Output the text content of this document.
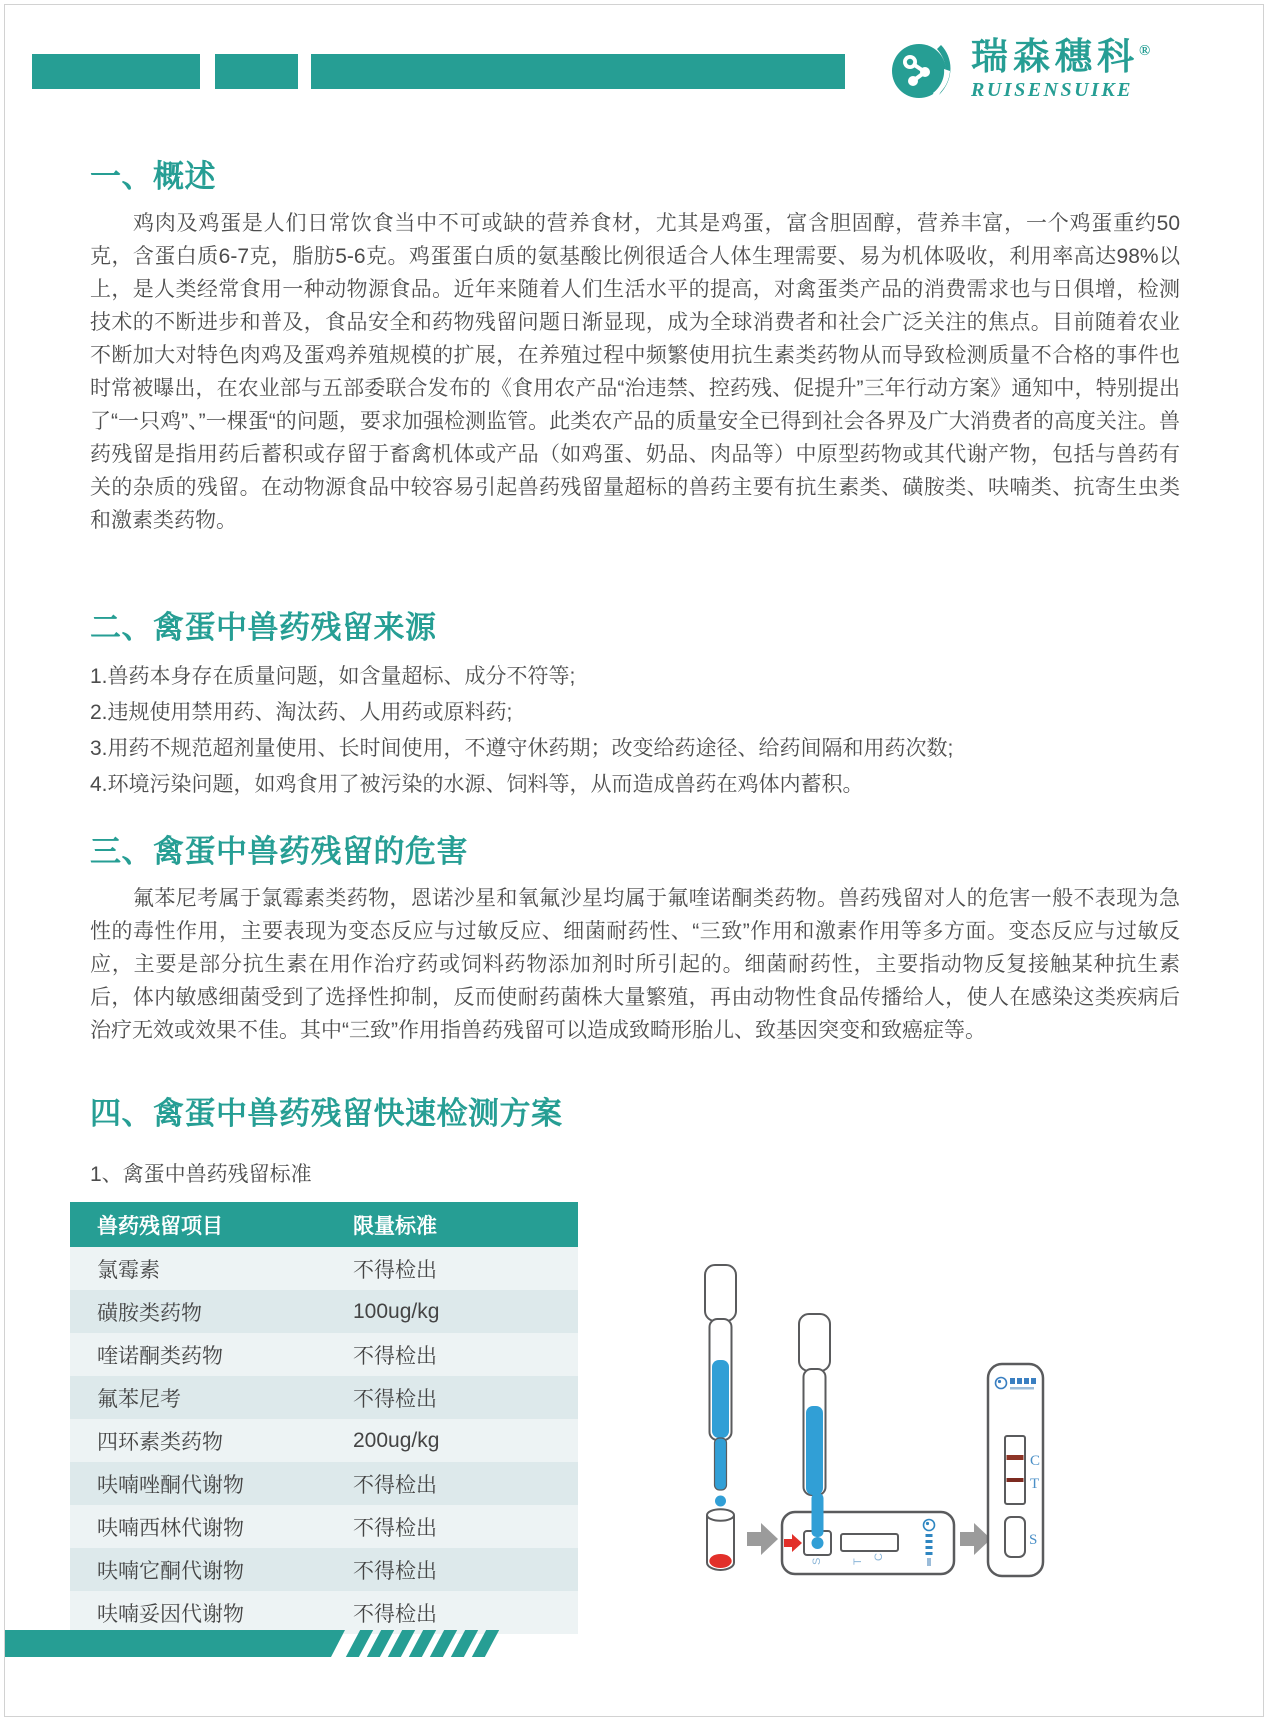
瑞森穗科®
RUISENSUIKE
一、概述

鸡肉及鸡蛋是人们日常饮食当中不可或缺的营养食材，尤其是鸡蛋，富含胆固醇，营养丰富，一个鸡蛋重约50克，含蛋白质6-7克，脂肪5-6克。鸡蛋蛋白质的氨基酸比例很适合人体生理需要、易为机体吸收，利用率高达98%以上，是人类经常食用一种动物源食品。近年来随着人们生活水平的提高，对禽蛋类产品的消费需求也与日俱增，检测技术的不断进步和普及，食品安全和药物残留问题日渐显现，成为全球消费者和社会广泛关注的焦点。目前随着农业不断加大对特色肉鸡及蛋鸡养殖规模的扩展，在养殖过程中频繁使用抗生素类药物从而导致检测质量不合格的事件也时常被曝出，在农业部与五部委联合发布的《食用农产品“治违禁、控药残、促提升”三年行动方案》通知中，特别提出了“一只鸡”、”一棵蛋“的问题，要求加强检测监管。此类农产品的质量安全已得到社会各界及广大消费者的高度关注。兽药残留是指用药后蓄积或存留于畜禽机体或产品（如鸡蛋、奶品、肉品等）中原型药物或其代谢产物，包括与兽药有关的杂质的残留。在动物源食品中较容易引起兽药残留量超标的兽药主要有抗生素类、磺胺类、呋喃类、抗寄生虫类和激素类药物。

二、禽蛋中兽药残留来源
1.兽药本身存在质量问题，如含量超标、成分不符等;
2.违规使用禁用药、淘汰药、人用药或原料药;
3.用药不规范超剂量使用、长时间使用，不遵守休药期；改变给药途径、给药间隔和用药次数;
4.环境污染问题，如鸡食用了被污染的水源、饲料等，从而造成兽药在鸡体内蓄积。
三、禽蛋中兽药残留的危害

氟苯尼考属于氯霉素类药物，恩诺沙星和氧氟沙星均属于氟喹诺酮类药物。兽药残留对人的危害一般不表现为急性的毒性作用，主要表现为变态反应与过敏反应、细菌耐药性、“三致”作用和激素作用等多方面。变态反应与过敏反应，主要是部分抗生素在用作治疗药或饲料药物添加剂时所引起的。细菌耐药性，主要指动物反复接触某种抗生素后，体内敏感细菌受到了选择性抑制，反而使耐药菌株大量繁殖，再由动物性食品传播给人，使人在感染这类疾病后治疗无效或效果不佳。其中“三致”作用指兽药残留可以造成致畸形胎儿、致基因突变和致癌症等。

四、禽蛋中兽药残留快速检测方案

1、禽蛋中兽药残留标准

兽药残留项目	限量标准
氯霉素	不得检出
磺胺类药物	100ug/kg
喹诺酮类药物	不得检出
氟苯尼考	不得检出
四环素类药物	200ug/kg
呋喃唑酮代谢物	不得检出
呋喃西林代谢物	不得检出
呋喃它酮代谢物	不得检出
呋喃妥因代谢物	不得检出
S	T
C
C
T
S
